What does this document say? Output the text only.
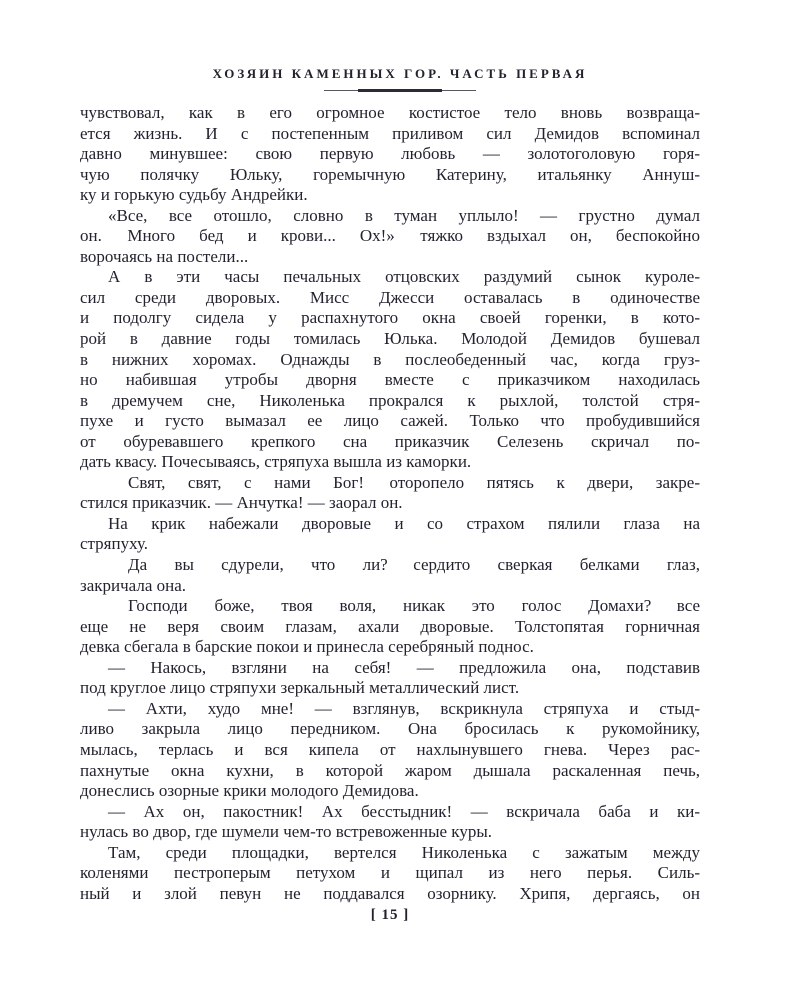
ХОЗЯИН КАМЕННЫХ ГОР. ЧАСТЬ ПЕРВАЯ
чувствовал, как в его огромное костистое тело вновь возвраща-
ется жизнь. И с постепенным приливом сил Демидов вспоминал
давно минувшее: свою первую любовь — золотоголовую горя-
чую полячку Юльку, горемычную Катерину, итальянку Аннуш-
ку и горькую судьбу Андрейки.
«Все, все отошло, словно в туман уплыло! — грустно думал
он.  Много бед и крови... Ох!»  тяжко вздыхал он, беспокойно
ворочаясь на постели...
А в эти часы печальных отцовских раздумий сынок куроле-
сил среди дворовых. Мисс Джесси оставалась в одиночестве
и подолгу сидела у распахнутого окна своей горенки, в кото-
рой в давние годы томилась Юлька. Молодой Демидов бушевал
в нижних хоромах. Однажды в послеобеденный час, когда груз-
но набившая утробы дворня вместе с приказчиком находилась
в дремучем сне, Николенька прокрался к рыхлой, толстой стря-
пухе и густо вымазал ее лицо сажей. Только что пробудившийся
от обуревавшего крепкого сна приказчик Селезень скричал по-
дать квасу. Почесываясь, стряпуха вышла из каморки.
Свят, свят, с нами Бог!  оторопело пятясь к двери, закре-
стился приказчик. — Анчутка! — заорал он.
На крик набежали дворовые и со страхом пялили глаза на
стряпуху.
Да вы сдурели, что ли?  сердито сверкая белками глаз,
закричала она.
Господи боже, твоя воля, никак это голос Домахи?  все
еще не веря своим глазам, ахали дворовые. Толстопятая горничная
девка сбегала в барские покои и принесла серебряный поднос.
— Накось, взгляни на себя! — предложила она, подставив
под круглое лицо стряпухи зеркальный металлический лист.
— Ахти, худо мне! — взглянув, вскрикнула стряпуха и стыд-
ливо закрыла лицо передником. Она бросилась к рукомойнику,
мылась, терлась и вся кипела от нахлынувшего гнева. Через рас-
пахнутые окна кухни, в которой жаром дышала раскаленная печь,
донеслись озорные крики молодого Демидова.
— Ах он, пакостник! Ах бесстыдник! — вскричала баба и ки-
нулась во двор, где шумели чем-то встревоженные куры.
Там, среди площадки, вертелся Николенька с зажатым между
коленями пестроперым петухом и щипал из него перья. Силь-
ный и злой певун не поддавался озорнику. Хрипя, дергаясь, он
[ 15 ]
